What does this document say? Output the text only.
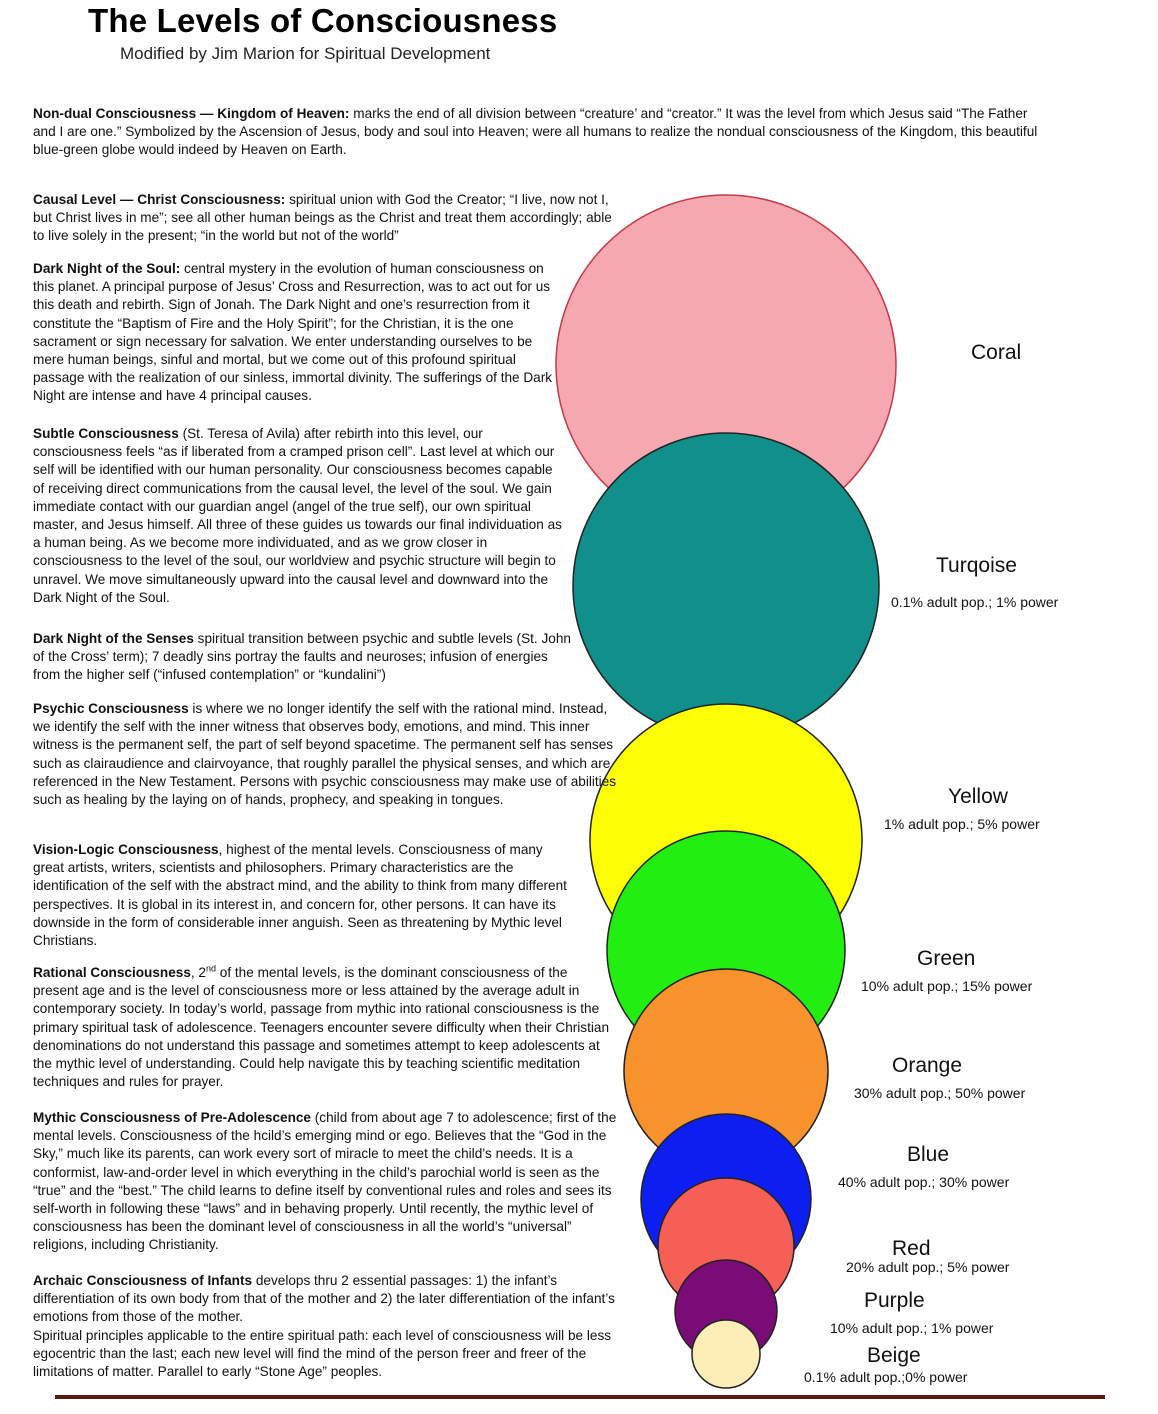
The Levels of Consciousness
Modified by Jim Marion for Spiritual Development

Non-dual Consciousness — Kingdom of Heaven: marks the end of all division between “creature’ and “creator.” It was the level from which Jesus said “The Father and I are one.” Symbolized by the Ascension of Jesus, body and soul into Heaven; were all humans to realize the nondual consciousness of the Kingdom, this beautiful blue-green globe would indeed by Heaven on Earth.

Causal Level — Christ Consciousness: spiritual union with God the Creator; “I live, now not I, but Christ lives in me”; see all other human beings as the Christ and treat them accordingly; able to live solely in the present; “in the world but not of the world”

Dark Night of the Soul: central mystery in the evolution of human consciousness on this planet. A principal purpose of Jesus’ Cross and Resurrection, was to act out for us this death and rebirth. Sign of Jonah. The Dark Night and one’s resurrection from it constitute the “Baptism of Fire and the Holy Spirit”; for the Christian, it is the one sacrament or sign necessary for salvation. We enter understanding ourselves to be mere human beings, sinful and mortal, but we come out of this profound spiritual passage with the realization of our sinless, immortal divinity. The sufferings of the Dark Night are intense and have 4 principal causes.

Subtle Consciousness (St. Teresa of Avila) after rebirth into this level, our consciousness feels “as if liberated from a cramped prison cell”. Last level at which our self will be identified with our human personality. Our consciousness becomes capable of receiving direct communications from the causal level, the level of the soul. We gain immediate contact with our guardian angel (angel of the true self), our own spiritual master, and Jesus himself. All three of these guides us towards our final individuation as a human being. As we become more individuated, and as we grow closer in consciousness to the level of the soul, our worldview and psychic structure will begin to unravel. We move simultaneously upward into the causal level and downward into the Dark Night of the Soul.

Dark Night of the Senses spiritual transition between psychic and subtle levels (St. John of the Cross’ term); 7 deadly sins portray the faults and neuroses; infusion of energies from the higher self (“infused contemplation” or “kundalini”)

Psychic Consciousness is where we no longer identify the self with the rational mind. Instead, we identify the self with the inner witness that observes body, emotions, and mind. This inner witness is the permanent self, the part of self beyond spacetime. The permanent self has senses such as clairaudience and clairvoyance, that roughly parallel the physical senses, and which are referenced in the New Testament. Persons with psychic consciousness may make use of abilities such as healing by the laying on of hands, prophecy, and speaking in tongues.

Vision-Logic Consciousness, highest of the mental levels. Consciousness of many great artists, writers, scientists and philosophers. Primary characteristics are the identification of the self with the abstract mind, and the ability to think from many different perspectives. It is global in its interest in, and concern for, other persons. It can have its downside in the form of considerable inner anguish. Seen as threatening by Mythic level Christians.

Rational Consciousness, 2nd of the mental levels, is the dominant consciousness of the present age and is the level of consciousness more or less attained by the average adult in contemporary society. In today’s world, passage from mythic into rational consciousness is the primary spiritual task of adolescence. Teenagers encounter severe difficulty when their Christian denominations do not understand this passage and sometimes attempt to keep adolescents at the mythic level of understanding. Could help navigate this by teaching scientific meditation techniques and rules for prayer.

Mythic Consciousness of Pre-Adolescence (child from about age 7 to adolescence; first of the mental levels. Consciousness of the hcild’s emerging mind or ego. Believes that the “God in the Sky,” much like its parents, can work every sort of miracle to meet the child’s needs. It is a conformist, law-and-order level in which everything in the child’s parochial world is seen as the “true” and the “best.” The child learns to define itself by conventional rules and roles and sees its self-worth in following these “laws” and in behaving properly. Until recently, the mythic level of consciousness has been the dominant level of consciousness in all the world’s “universal” religions, including Christianity.

Archaic Consciousness of Infants develops thru 2 essential passages: 1) the infant’s differentiation of its own body from that of the mother and 2) the later differentiation of the infant’s emotions from those of the mother.

Spiritual principles applicable to the entire spiritual path: each level of consciousness will be less egocentric than the last; each new level will find the mind of the person freer and freer of the limitations of matter. Parallel to early “Stone Age” peoples.

Coral
Turqoise
0.1% adult pop.; 1% power
Yellow
1% adult pop.; 5% power
Green
10% adult pop.; 15% power
Orange
30% adult pop.; 50% power
Blue
40% adult pop.; 30% power
Red
20% adult pop.; 5% power
Purple
10% adult pop.; 1% power
Beige
0.1% adult pop.;0% power
